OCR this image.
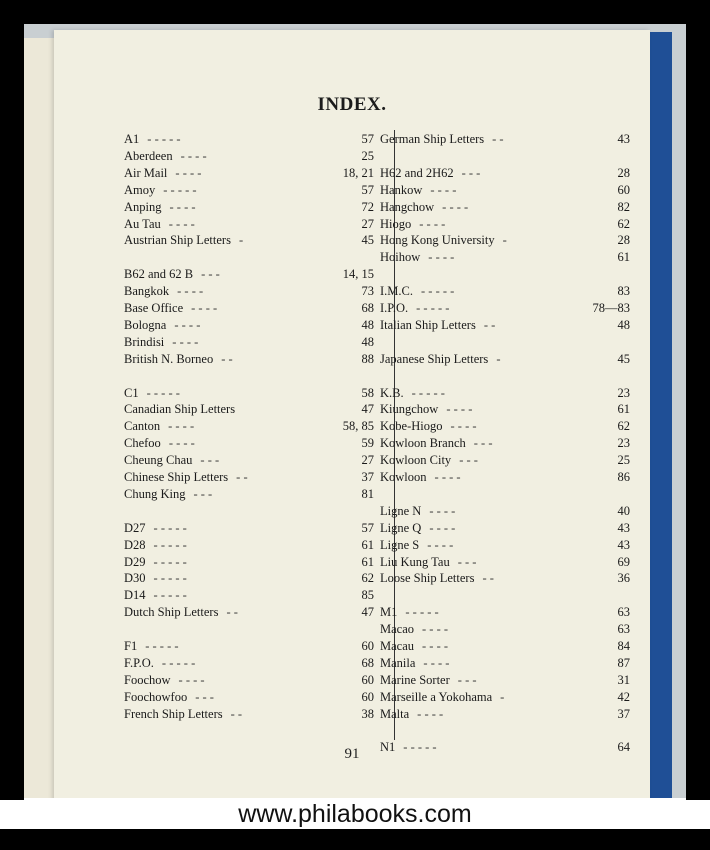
INDEX.
A1 - - - - -	57
Aberdeen - - - -	25
Air Mail - - - -	18, 21
Amoy - - - - -	57
Anping - - - -	72
Au Tau - - - -	27
Austrian Ship Letters -	45
B62 and 62 B - - -	14, 15
Bangkok - - - -	73
Base Office - - - -	68
Bologna - - - -	48
Brindisi - - - -	48
British N. Borneo - -	88
C1 - - - - -	58
Canadian Ship Letters	47
Canton - - - -	58, 85
Chefoo - - - -	59
Cheung Chau - - -	27
Chinese Ship Letters - -	37
Chung King - - -	81
D27 - - - - -	57
D28 - - - - -	61
D29 - - - - -	61
D30 - - - - -	62
D14 - - - - -	85
Dutch Ship Letters - -	47
F1 - - - - -	60
F.P.O. - - - - -	68
Foochow - - - -	60
Foochowfoo - - -	60
French Ship Letters - -	38
German Ship Letters - -	43
H62 and 2H62 - - -	28
Hankow - - - -	60
Hangchow - - - -	82
Hiogo - - - -	62
Hong Kong University -	28
Hoihow - - - -	61
I.M.C. - - - - -	83
I.P.O. - - - - -	78—83
Italian Ship Letters - -	48
Japanese Ship Letters -	45
K.B. - - - - -	23
Kiungchow - - - -	61
Kobe-Hiogo - - - -	62
Kowloon Branch - - -	23
Kowloon City - - -	25
Kowloon - - - -	86
Ligne N - - - -	40
Ligne Q - - - -	43
Ligne S - - - -	43
Liu Kung Tau - - -	69
Loose Ship Letters - -	36
M1 - - - - -	63
Macao - - - -	63
Macau - - - -	84
Manila - - - -	87
Marine Sorter - - -	31
Marseille a Yokohama -	42
Malta - - - -	37
N1 - - - - -	64
91
www.philabooks.com
